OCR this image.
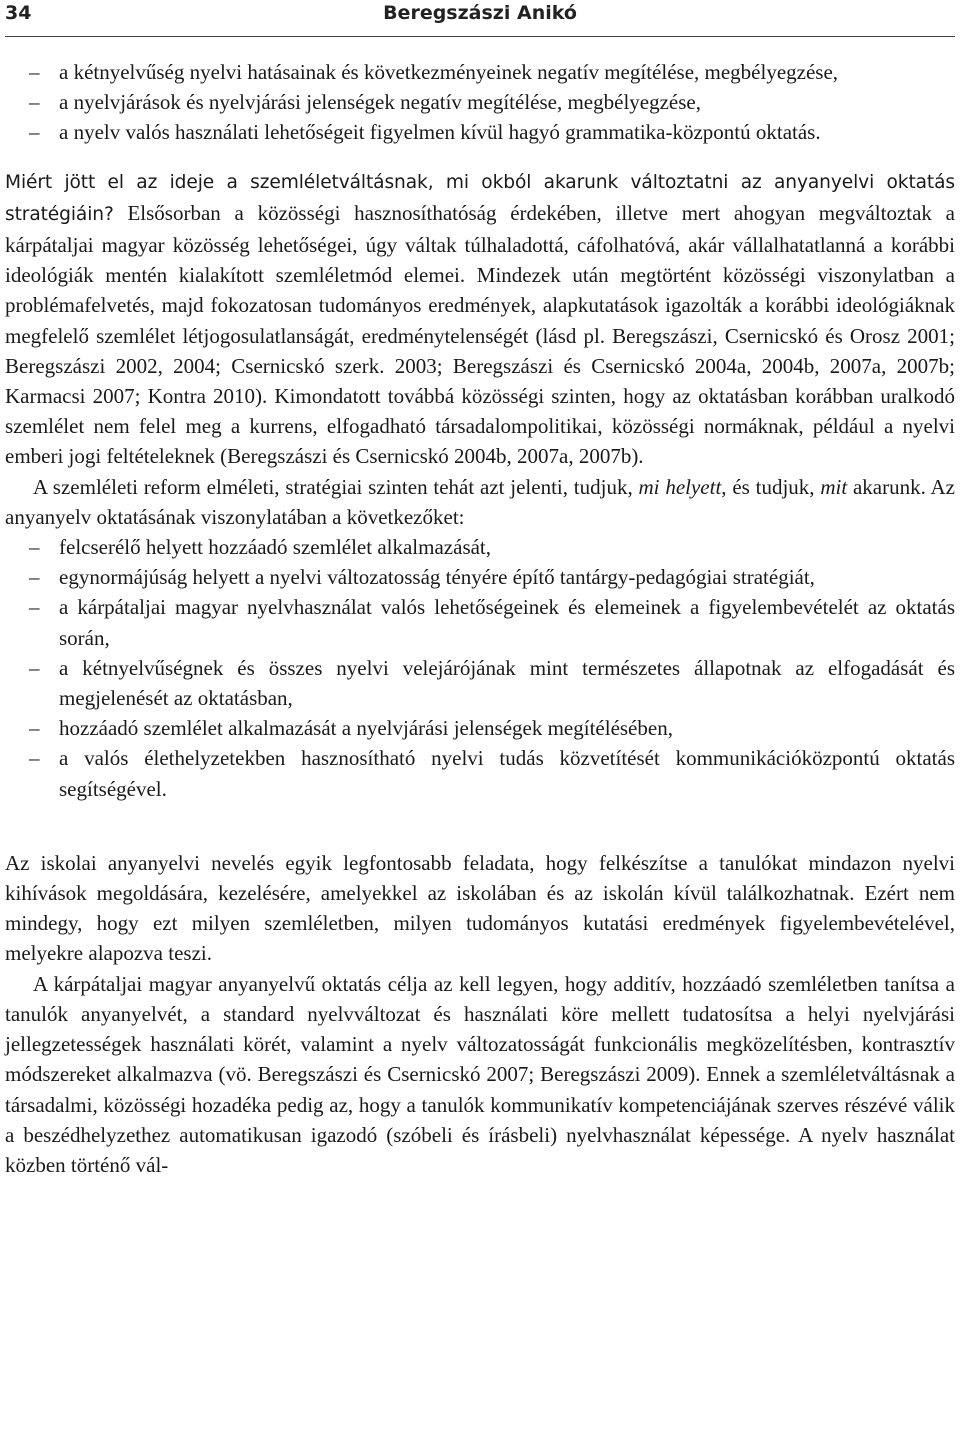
34	Beregszászi Anikó
– a kétnyelvűség nyelvi hatásainak és következményeinek negatív megítélése, megbélyegzése,
– a nyelvjárások és nyelvjárási jelenségek negatív megítélése, megbélyegzése,
– a nyelv valós használati lehetőségeit figyelmen kívül hagyó grammatika-központú oktatás.

Miért jött el az ideje a szemléletváltásnak, mi okból akarunk változtatni az anyanyelvi oktatás stratégiáin? Elsősorban a közösségi hasznosíthatóság érdekében, illetve mert ahogyan megváltoztak a kárpátaljai magyar közösség lehetőségei, úgy váltak túlhaladottá, cáfolhatóvá, akár vállalhatatlanná a korábbi ideológiák mentén kialakított szemléletmód elemei. Mindezek után megtörtént közösségi viszonylatban a problémafelvetés, majd fokozatosan tudományos eredmények, alapkutatások igazolták a korábbi ideológiáknak megfelelő szemlélet létjogosulatlanságát, eredménytelenségét (lásd pl. Beregszászi, Csernicskó és Orosz 2001; Beregszászi 2002, 2004; Csernicskó szerk. 2003; Beregszászi és Csernicskó 2004a, 2004b, 2007a, 2007b; Karmacsi 2007; Kontra 2010). Kimondatott továbbá közösségi szinten, hogy az oktatásban korábban uralkodó szemlélet nem felel meg a kurrens, elfogadható társadalompolitikai, közösségi normáknak, például a nyelvi emberi jogi feltételeknek (Beregszászi és Csernicskó 2004b, 2007a, 2007b).

A szemléleti reform elméleti, stratégiai szinten tehát azt jelenti, tudjuk, mi helyett, és tudjuk, mit akarunk. Az anyanyelv oktatásának viszonylatában a következőket:

– felcserélő helyett hozzáadó szemlélet alkalmazását,
– egynormájúság helyett a nyelvi változatosság tényére építő tantárgy-pedagógiai stratégiát,
– a kárpátaljai magyar nyelvhasználat valós lehetőségeinek és elemeinek a figyelembevételét az oktatás során,
– a kétnyelvűségnek és összes nyelvi velejárójának mint természetes állapotnak az elfogadását és megjelenését az oktatásban,
– hozzáadó szemlélet alkalmazását a nyelvjárási jelenségek megítélésében,
– a valós élethelyzetekben hasznosítható nyelvi tudás közvetítését kommunikációközpontú oktatás segítségével.

Az iskolai anyanyelvi nevelés egyik legfontosabb feladata, hogy felkészítse a tanulókat mindazon nyelvi kihívások megoldására, kezelésére, amelyekkel az iskolában és az iskolán kívül találkozhatnak. Ezért nem mindegy, hogy ezt milyen szemléletben, milyen tudományos kutatási eredmények figyelembevételével, melyekre alapozva teszi.

A kárpátaljai magyar anyanyelvű oktatás célja az kell legyen, hogy additív, hozzáadó szemléletben tanítsa a tanulók anyanyelvét, a standard nyelvváltozat és használati köre mellett tudatosítsa a helyi nyelvjárási jellegzetességek használati körét, valamint a nyelv változatosságát funkcionális megközelítésben, kontrasztív módszereket alkalmazva (vö. Beregszászi és Csernicskó 2007; Beregszászi 2009). Ennek a szemléletváltásnak a társadalmi, közösségi hozadéka pedig az, hogy a tanulók kommunikatív kompetenciájának szerves részévé válik a beszédhelyzethez automatikusan igazodó (szóbeli és írásbeli) nyelvhasználat képessége. A nyelv használat közben történő vál-
